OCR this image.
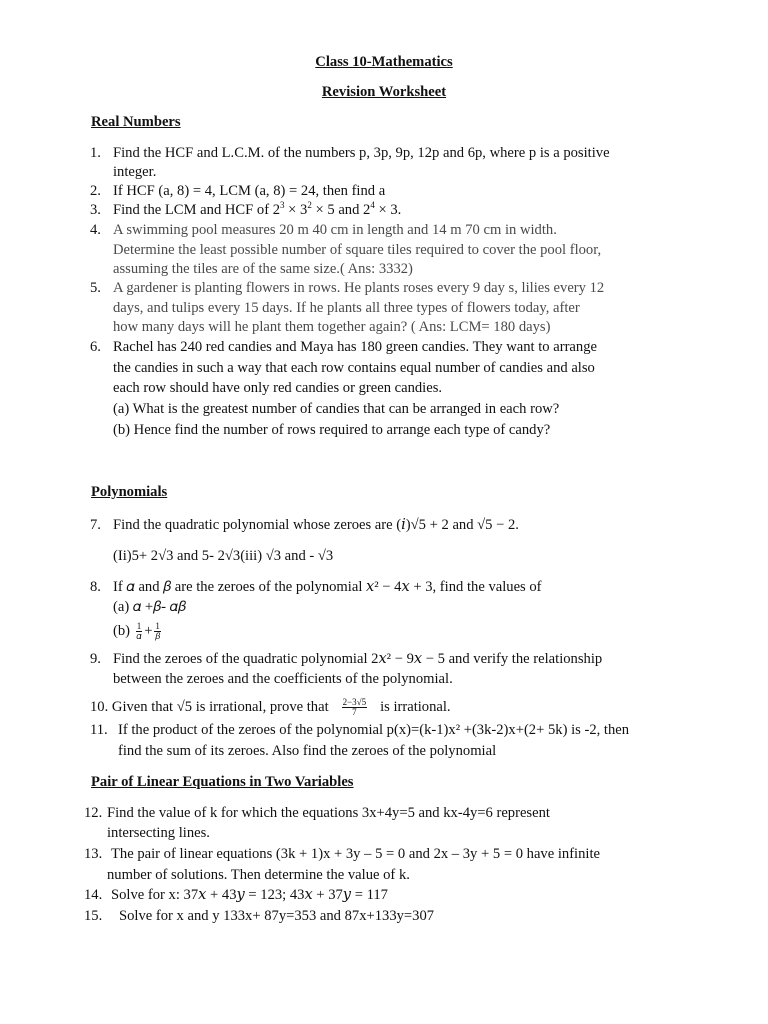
Class 10-Mathematics
Revision Worksheet
Real Numbers
1. Find the HCF and L.C.M. of the numbers p, 3p, 9p, 12p and 6p, where p is a positive
integer.
2. If HCF (a, 8) = 4, LCM (a, 8) = 24, then find a
3. Find the LCM and HCF of $2^3 \times 3^2 \times 5$ and $2^4 \times 3$.
4. A swimming pool measures 20 m 40 cm in length and 14 m 70 cm in width.
Determine the least possible number of square tiles required to cover the pool floor,
assuming the tiles are of the same size.( Ans: 3332)
5. A gardener is planting flowers in rows. He plants roses every 9 day s, lilies every 12
days, and tulips every 15 days. If he plants all three types of flowers today, after
how many days will he plant them together again? ( Ans: LCM= 180 days)
6. Rachel has 240 red candies and Maya has 180 green candies. They want to arrange
the candies in such a way that each row contains equal number of candies and also
each row should have only red candies or green candies.
(a) What is the greatest number of candies that can be arranged in each row?
(b) Hence find the number of rows required to arrange each type of candy?
Polynomials
7. Find the quadratic polynomial whose zeroes are (𝑖)√5 + 2 and √5 − 2.
(Ii)5+ 2√3 and 5- 2√3(iii) √3 and - √3
8. If 𝛼 and 𝛽 are the zeroes of the polynomial 𝑥² − 4𝑥 + 3, find the values of
(a) 𝛼 +𝛽- 𝛼𝛽
$(b) \frac{1}{\text{𝛼}} + \frac{1}{\text{𝛽}}$
9. Find the zeroes of the quadratic polynomial 2𝑥² − 9𝑥 − 5 and verify the relationship
between the zeroes and the coefficients of the polynomial.
10. Given that √5 is irrational, prove that $\frac{2-3√5}{7}$ is irrational.
11. If the product of the zeroes of the polynomial p(x)=(k-1)x² +(3k-2)x+(2+ 5k) is -2, then
find the sum of its zeroes. Also find the zeroes of the polynomial
Pair of Linear Equations in Two Variables
12. Find the value of k for which the equations 3x+4y=5 and kx-4y=6 represent
intersecting lines.
13. The pair of linear equations (3k + 1)x + 3y – 5 = 0 and 2x – 3y + 5 = 0 have infinite
number of solutions. Then determine the value of k.
14. Solve for x: 37𝑥 + 43𝑦 = 123; 43𝑥 + 37𝑦 = 117
15. Solve for x and y 133x+ 87y=353 and 87x+133y=307
